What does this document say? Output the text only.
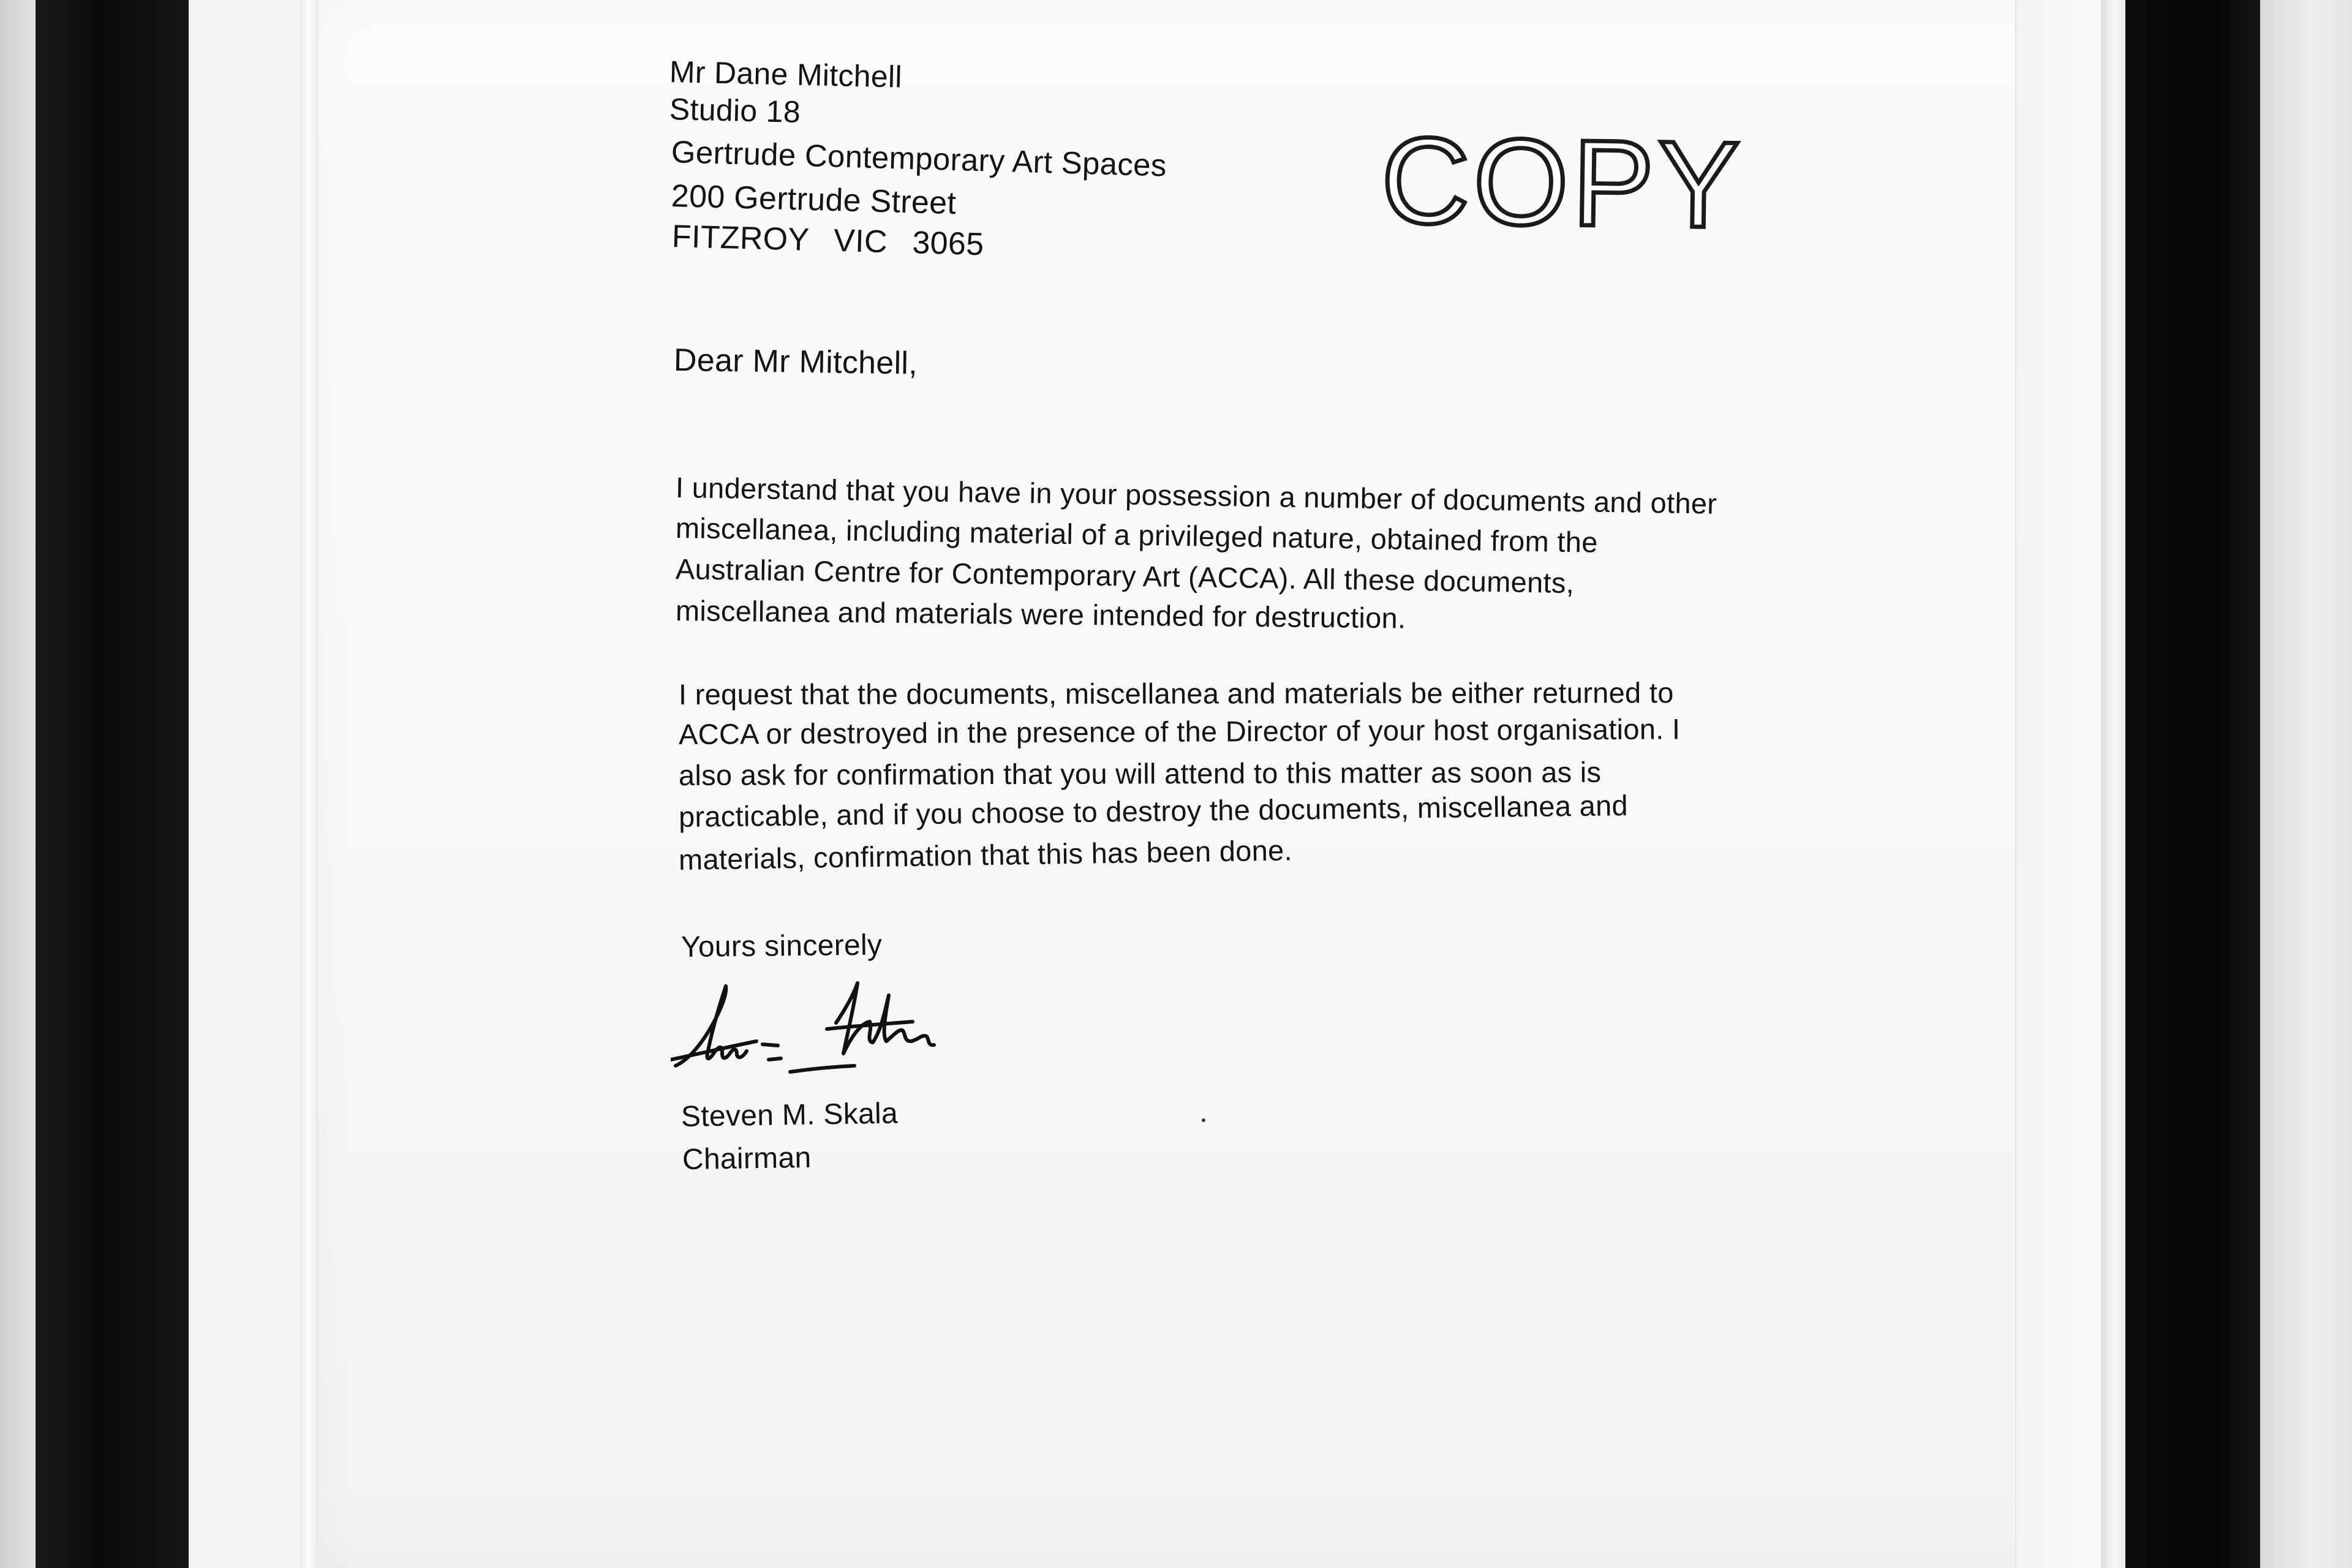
Mr Dane Mitchell
Studio 18
Gertrude Contemporary Art Spaces
200 Gertrude Street
FITZROY VIC 3065	COPY
Dear Mr Mitchell,
I understand that you have in your possession a number of documents and other
miscellanea, including material of a privileged nature, obtained from the
Australian Centre for Contemporary Art (ACCA). All these documents,
miscellanea and materials were intended for destruction.
I request that the documents, miscellanea and materials be either returned to
ACCA or destroyed in the presence of the Director of your host organisation. I
also ask for confirmation that you will attend to this matter as soon as is
practicable, and if you choose to destroy the documents, miscellanea and
materials, confirmation that this has been done.
Yours sincerely
Steven M. Skala
Chairman
